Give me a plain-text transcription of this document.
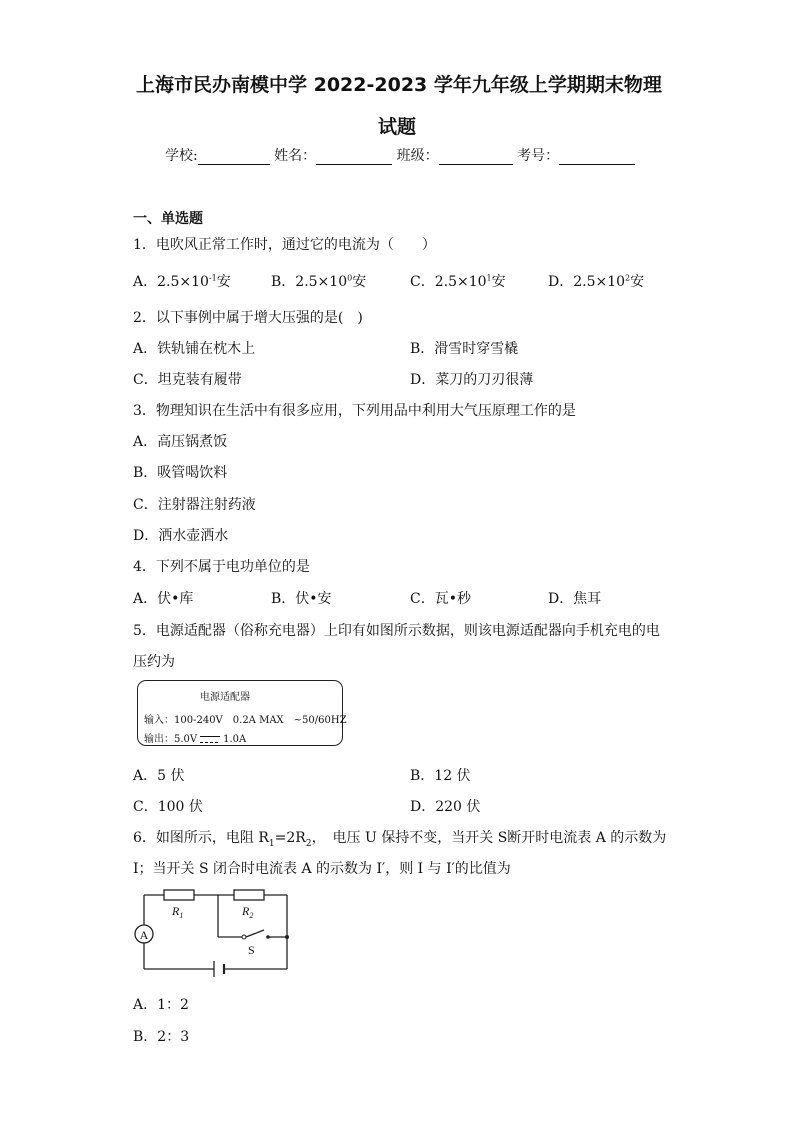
上海市民办南模中学 2022-2023 学年九年级上学期期末物理
试题
学校:	姓名：	班级：	考号：
一、单选题
1．电吹风正常工作时，通过它的电流为（　　）
A．$2.5\times 10^{-1}$安	B．$2.5\times 10^0$安	C．$2.5\times 10^1$安	D．$2.5\times 10^2$安
2．以下事例中属于增大压强的是(　)
A．铁轨铺在枕木上	B．滑雪时穿雪橇
C．坦克装有履带	D．菜刀的刀刃很薄
3．物理知识在生活中有很多应用，下列用品中利用大气压原理工作的是
A．高压锅煮饭
B．吸管喝饮料
C．注射器注射药液
D．洒水壶洒水
4．下列不属于电功单位的是
A．伏•库	B．伏•安	C．瓦•秒	D．焦耳
5．电源适配器（俗称充电器）上印有如图所示数据，则该电源适配器向手机充电的电
压约为
电源适配器
输入：100-240V　0.2A MAX　~50/60HZ
输出：5.0V	1.0A
A．5 伏	B．12 伏
C．100 伏	D．220 伏
6．如图所示，电阻 $R_1=2R_2$，　电压 U 保持不变，当开关 S断开时电流表 A 的示数为
I；当开关 S 闭合时电流表 A 的示数为 I′，则 I 与 I′的比值为
A
$R_1$	$R_2$
S
A．1：2
B．2：3
